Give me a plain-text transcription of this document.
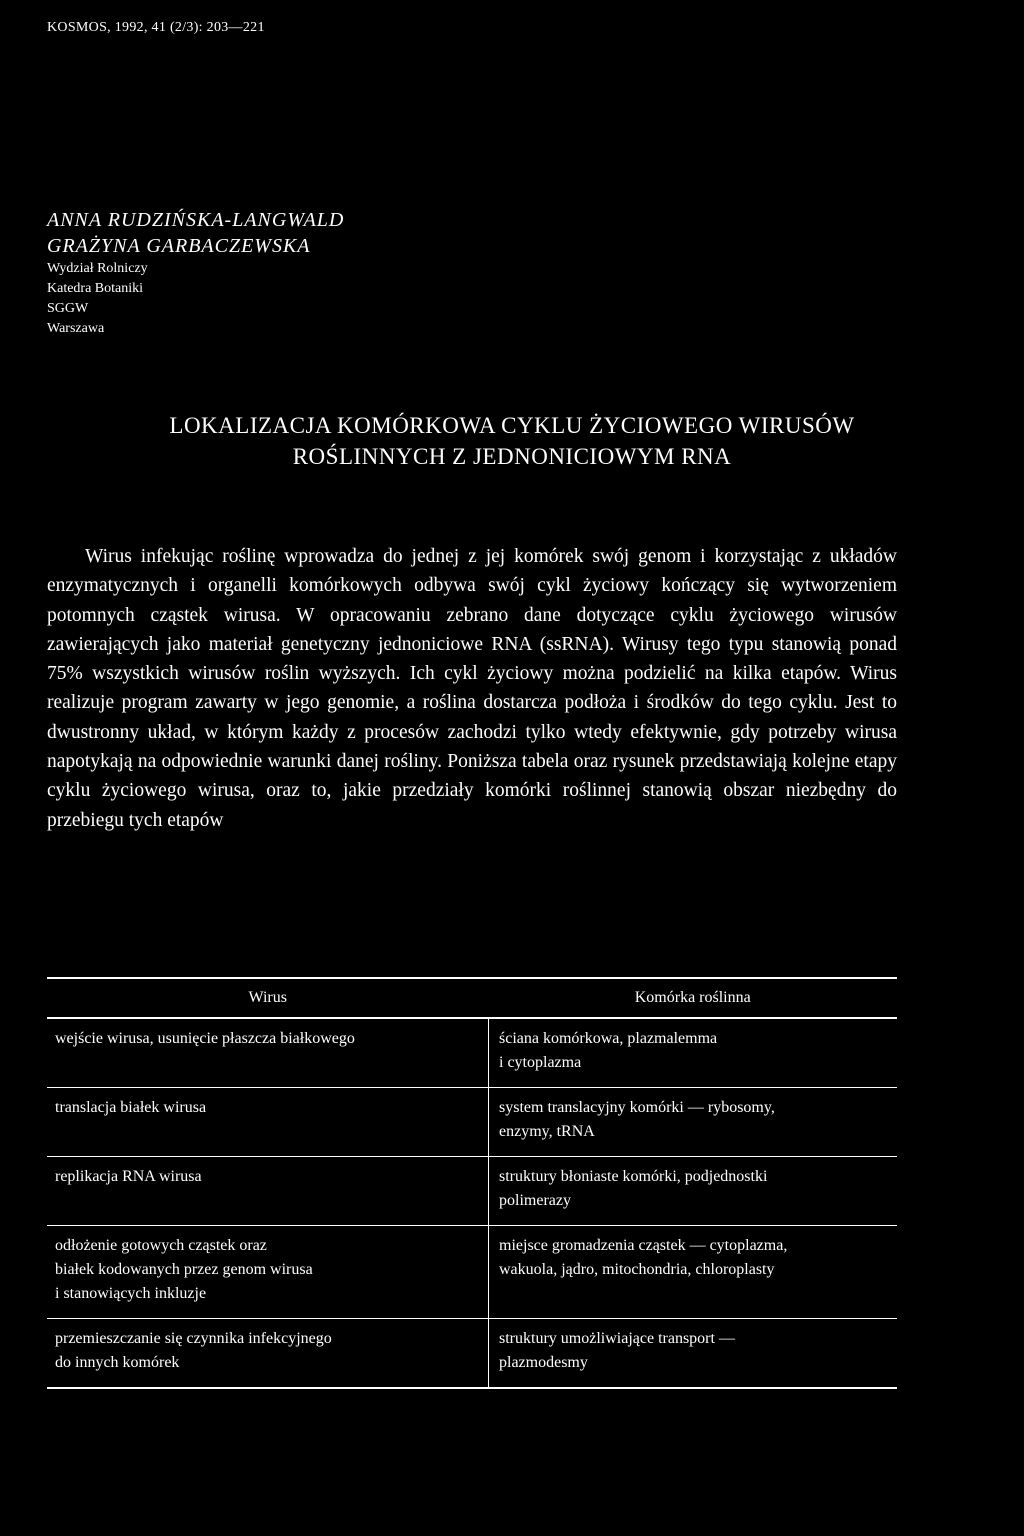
KOSMOS, 1992, 41 (2/3): 203—221
ANNA RUDZIŃSKA-LANGWALD
GRAŻYNA GARBACZEWSKA
Wydział Rolniczy
Katedra Botaniki
SGGW
Warszawa
LOKALIZACJA KOMÓRKOWA CYKLU ŻYCIOWEGO WIRUSÓW
ROŚLINNYCH Z JEDNONICIOWYM RNA

Wirus infekując roślinę wprowadza do jednej z jej komórek swój genom i korzystając z układów enzymatycznych i organelli komórkowych odbywa swój cykl życiowy kończący się wytworzeniem potomnych cząstek wirusa. W opracowaniu zebrano dane dotyczące cyklu życiowego wirusów zawierających jako materiał genetyczny jednoniciowe RNA (ssRNA). Wirusy tego typu stanowią ponad 75% wszystkich wirusów roślin wyższych. Ich cykl życiowy można podzielić na kilka etapów. Wirus realizuje program zawarty w jego genomie, a roślina dostarcza podłoża i środków do tego cyklu. Jest to dwustronny układ, w którym każdy z procesów zachodzi tylko wtedy efektywnie, gdy potrzeby wirusa napotykają na odpowiednie warunki danej rośliny. Poniższa tabela oraz rysunek przedstawiają kolejne etapy cyklu życiowego wirusa, oraz to, jakie przedziały komórki roślinnej stanowią obszar niezbędny do przebiegu tych etapów

Wirus	Komórka roślinna

wejście wirusa, usunięcie płaszcza białkowego	ściana komórkowa, plazmalemma
i cytoplazma

translacja białek wirusa	system translacyjny komórki — rybosomy,
enzymy, tRNA

replikacja RNA wirusa	struktury błoniaste komórki, podjednostki
polimerazy

odłożenie gotowych cząstek oraz
białek kodowanych przez genom wirusa
i stanowiących inkluzje	miejsce gromadzenia cząstek — cytoplazma,
wakuola, jądro, mitochondria, chloroplasty

przemieszczanie się czynnika infekcyjnego
do innych komórek	struktury umożliwiające transport —
plazmodesmy
